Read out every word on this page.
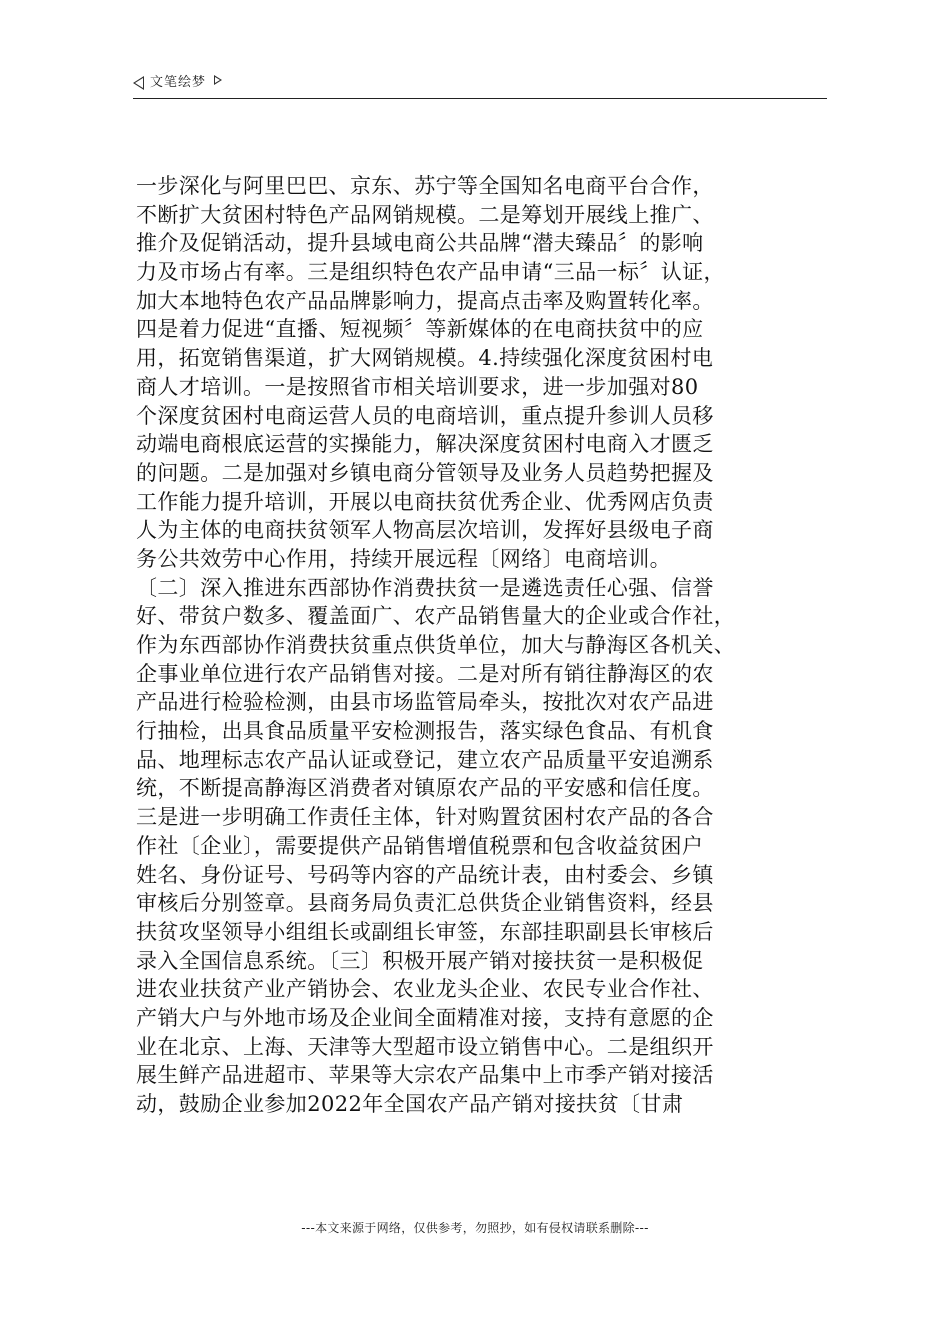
文笔绘梦
一步深化与阿里巴巴、京东、苏宁等全国知名电商平台合作，
不断扩大贫困村特色产品网销规模。二是筹划开展线上推广、
推介及促销活动，提升县域电商公共品牌“潜夫臻品〞的影响
力及市场占有率。三是组织特色农产品申请“三品一标〞认证，
加大本地特色农产品品牌影响力，提高点击率及购置转化率。
四是着力促进“直播、短视频〞等新媒体的在电商扶贫中的应
用，拓宽销售渠道，扩大网销规模。4.持续强化深度贫困村电
商人才培训。一是按照省市相关培训要求，进一步加强对80
个深度贫困村电商运营人员的电商培训，重点提升参训人员移
动端电商根底运营的实操能力，解决深度贫困村电商入才匮乏
的问题。二是加强对乡镇电商分管领导及业务人员趋势把握及
工作能力提升培训，开展以电商扶贫优秀企业、优秀网店负责
人为主体的电商扶贫领军人物高层次培训，发挥好县级电子商
务公共效劳中心作用，持续开展远程〔网络〕电商培训。
〔二〕深入推进东西部协作消费扶贫一是遴选责任心强、信誉
好、带贫户数多、覆盖面广、农产品销售量大的企业或合作社，
作为东西部协作消费扶贫重点供货单位，加大与静海区各机关、
企事业单位进行农产品销售对接。二是对所有销往静海区的农
产品进行检验检测，由县市场监管局牵头，按批次对农产品进
行抽检，出具食品质量平安检测报告，落实绿色食品、有机食
品、地理标志农产品认证或登记，建立农产品质量平安追溯系
统，不断提高静海区消费者对镇原农产品的平安感和信任度。
三是进一步明确工作责任主体，针对购置贫困村农产品的各合
作社〔企业〕，需要提供产品销售增值税票和包含收益贫困户
姓名、身份证号、号码等内容的产品统计表，由村委会、乡镇
审核后分别签章。县商务局负责汇总供货企业销售资料，经县
扶贫攻坚领导小组组长或副组长审签，东部挂职副县长审核后
录入全国信息系统。〔三〕积极开展产销对接扶贫一是积极促
进农业扶贫产业产销协会、农业龙头企业、农民专业合作社、
产销大户与外地市场及企业间全面精准对接，支持有意愿的企
业在北京、上海、天津等大型超市设立销售中心。二是组织开
展生鲜产品进超市、苹果等大宗农产品集中上市季产销对接活
动，鼓励企业参加2022年全国农产品产销对接扶贫〔甘肃
---本文来源于网络，仅供参考，勿照抄，如有侵权请联系删除---
